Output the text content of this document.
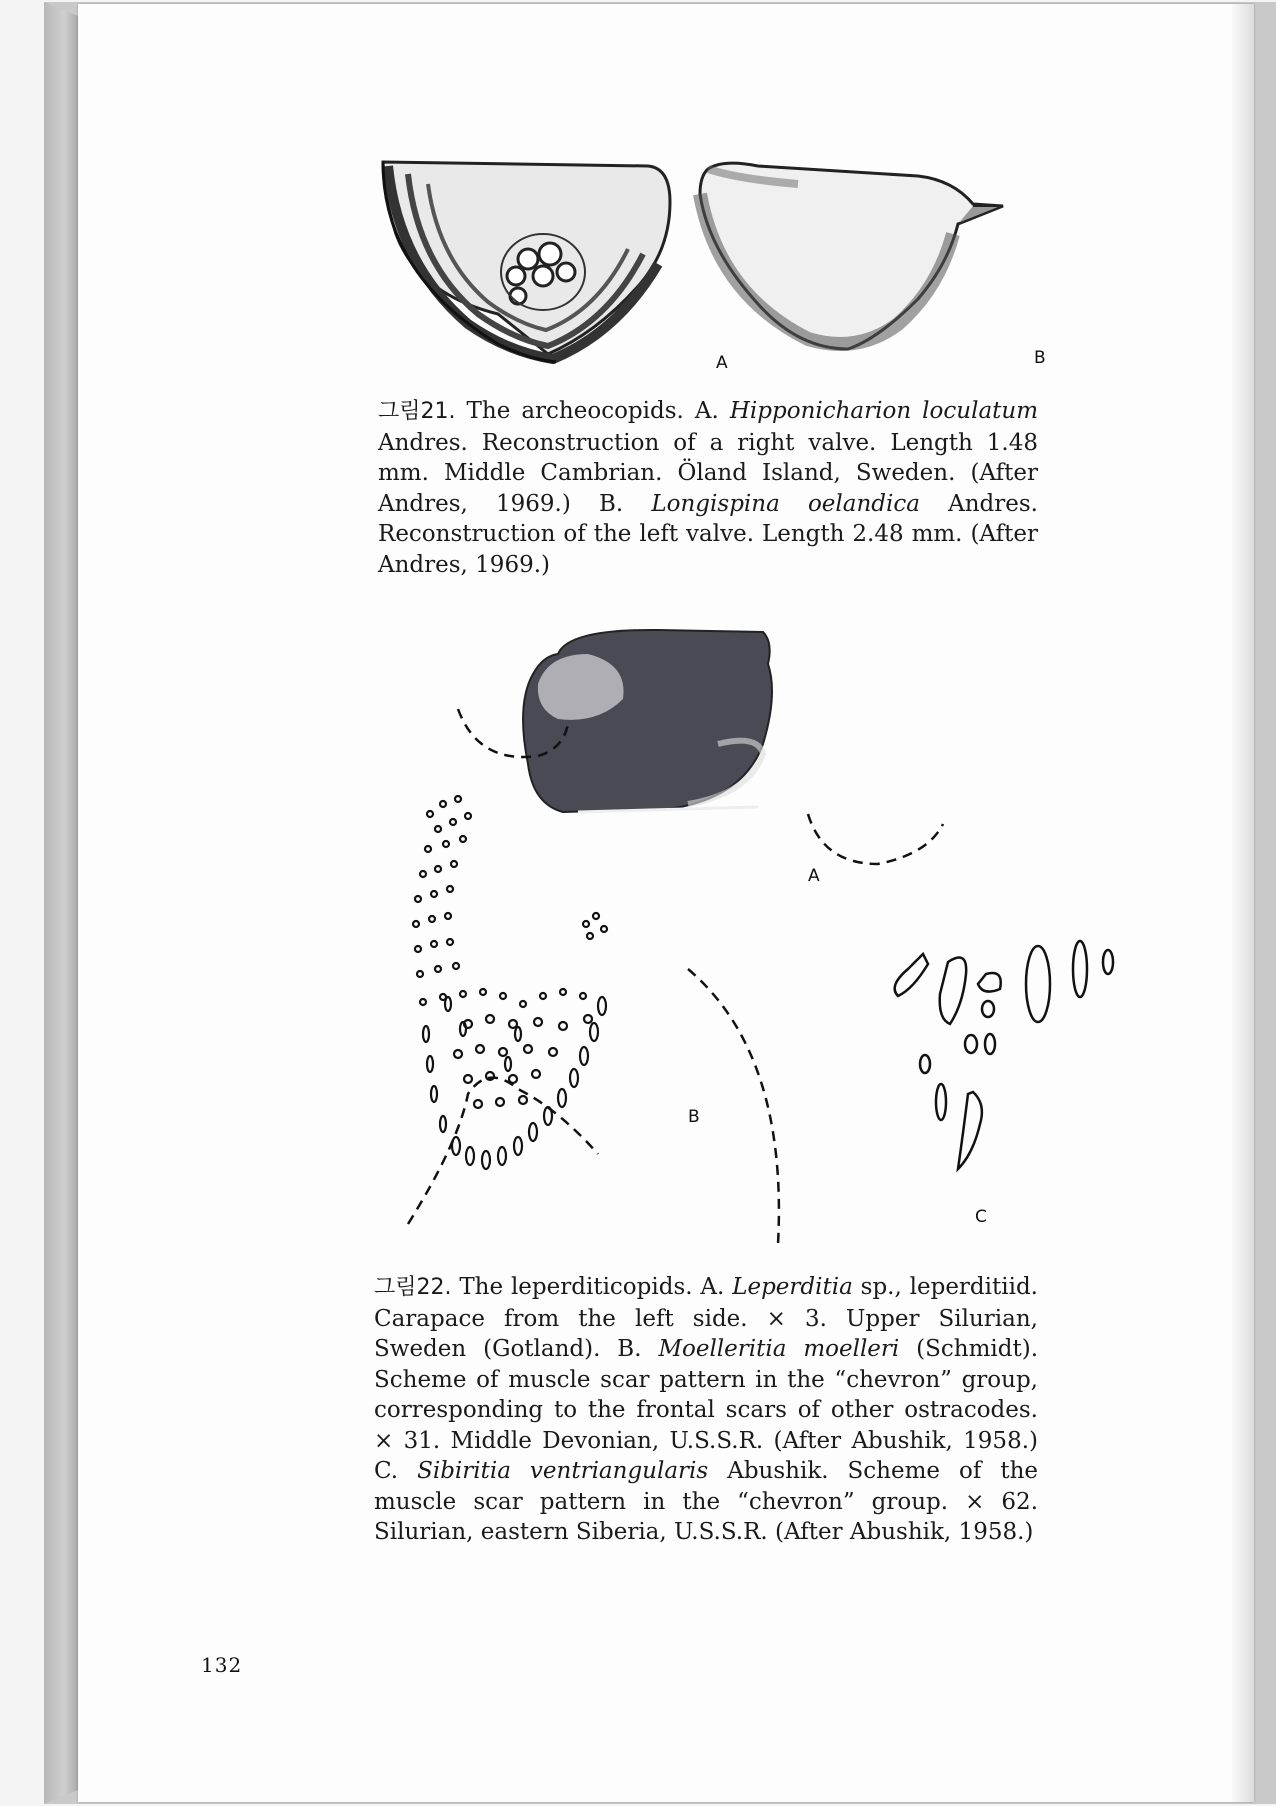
A	B
그림21. The archeocopids. A. Hipponicharion loculatum Andres. Reconstruction of a right valve. Length 1.48 mm. Middle Cambrian. Öland Island, Sweden. (After Andres, 1969.) B. Longispina oelandica Andres. Reconstruction of the left valve. Length 2.48 mm. (After Andres, 1969.)
A
B
C
그림22. The leperditicopids. A. Leperditia sp., leperditiid. Carapace from the left side. × 3. Upper Silurian, Sweden (Gotland). B. Moelleritia moelleri (Schmidt). Scheme of muscle scar pattern in the “chevron” group, corresponding to the frontal scars of other ostracodes. × 31. Middle Devonian, U.S.S.R. (After Abushik, 1958.) C. Sibiritia ventriangularis Abushik. Scheme of the muscle scar pattern in the “chevron” group. × 62. Silurian, eastern Siberia, U.S.S.R. (After Abushik, 1958.)
132
